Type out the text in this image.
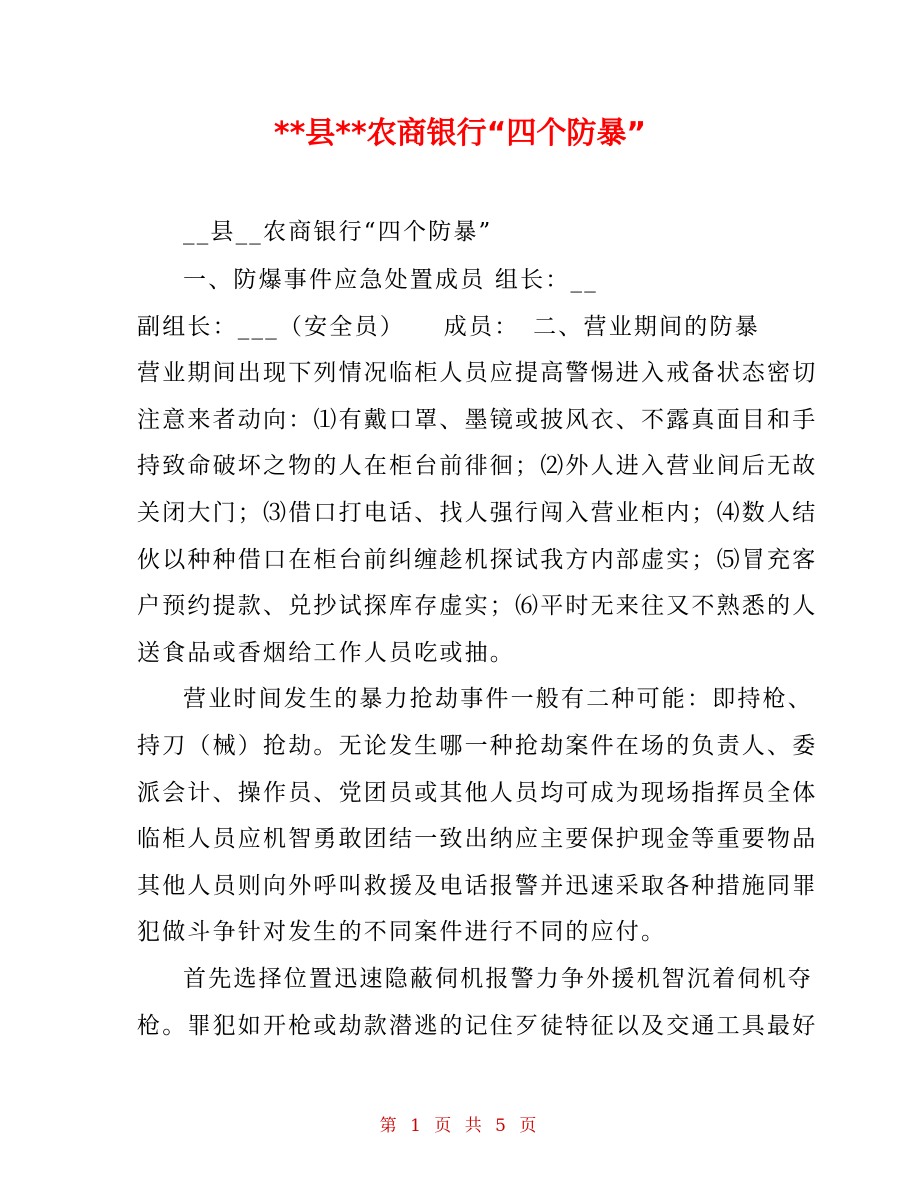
**县**农商银行“四个防暴”

__县__农商银行“四个防暴”

一、防爆事件应急处置成员 组长：__

副组长：___（安全员）　　成员：　二、营业期间的防暴

营业期间出现下列情况临柜人员应提高警惕进入戒备状态密切

注意来者动向：⑴有戴口罩、墨镜或披风衣、不露真面目和手

持致命破坏之物的人在柜台前徘徊；⑵外人进入营业间后无故

关闭大门；⑶借口打电话、找人强行闯入营业柜内；⑷数人结

伙以种种借口在柜台前纠缠趁机探试我方内部虚实；⑸冒充客

户预约提款、兑抄试探库存虚实；⑹平时无来往又不熟悉的人

送食品或香烟给工作人员吃或抽。

营业时间发生的暴力抢劫事件一般有二种可能：即持枪、

持刀（械）抢劫。无论发生哪一种抢劫案件在场的负责人、委

派会计、操作员、党团员或其他人员均可成为现场指挥员全体

临柜人员应机智勇敢团结一致出纳应主要保护现金等重要物品

其他人员则向外呼叫救援及电话报警并迅速采取各种措施同罪

犯做斗争针对发生的不同案件进行不同的应付。

首先选择位置迅速隐蔽伺机报警力争外援机智沉着伺机夺

枪。罪犯如开枪或劫款潜逃的记住歹徒特征以及交通工具最好

第 1 页 共 5 页
